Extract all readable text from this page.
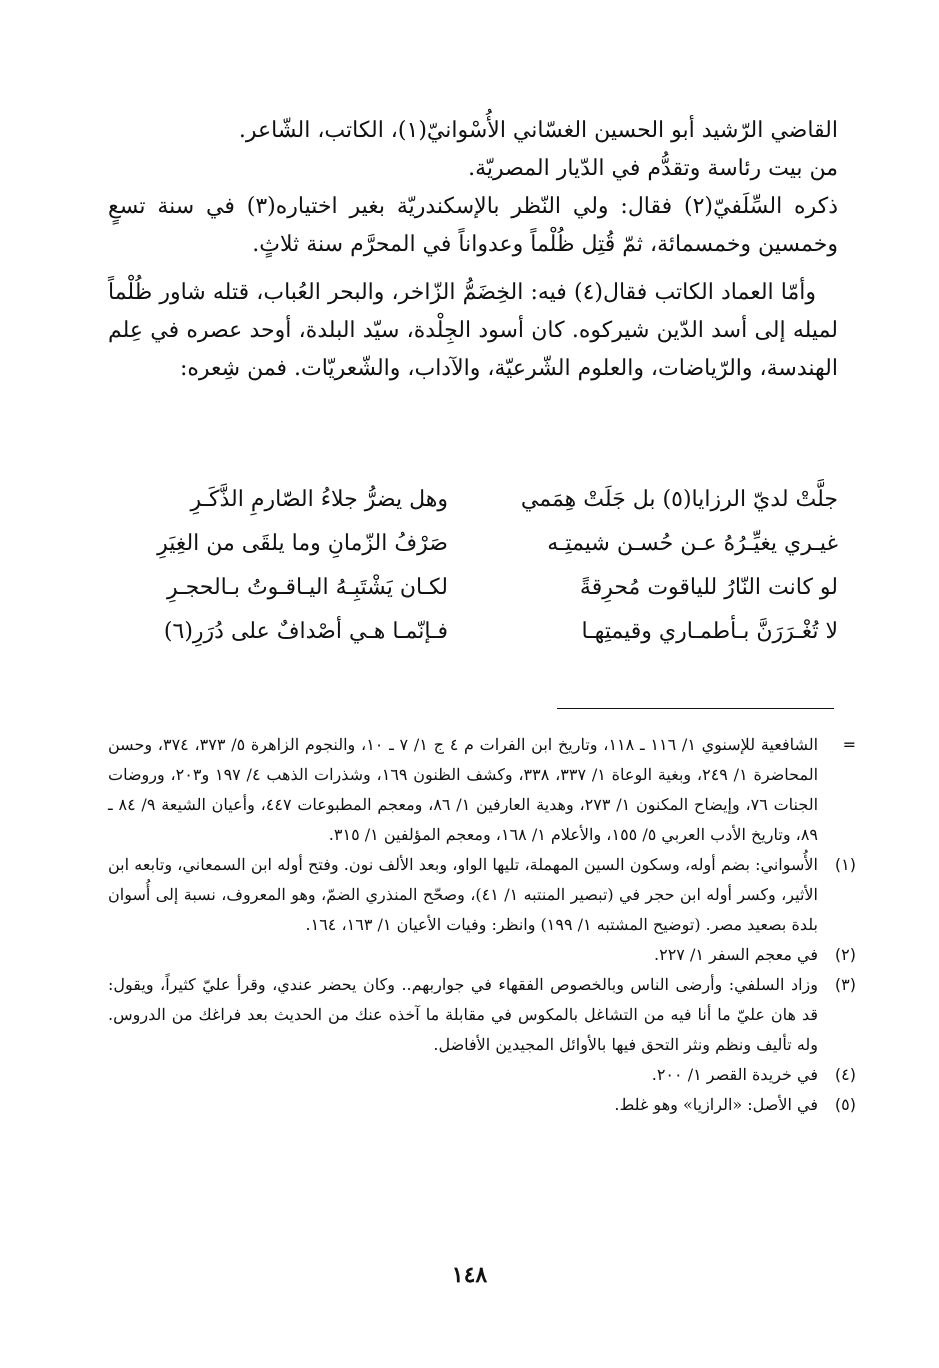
القاضي الرّشيد أبو الحسين الغسّاني الأُسْوانيّ(١)، الكاتب، الشّاعر.

من بيت رئاسة وتقدُّم في الدّيار المصريّة.

ذكره السِّلَفيّ(٢) فقال: ولي النّظر بالإسكندريّة بغير اختياره(٣) في سنة تسعٍ وخمسين وخمسمائة، ثمّ قُتِل ظُلْماً وعدواناً في المحرَّم سنة ثلاثٍ.

وأمّا العماد الكاتب فقال(٤) فيه: الخِضَمُّ الزّاخر، والبحر العُباب، قتله شاور ظُلْماً لميله إلى أسد الدّين شيركوه. كان أسود الجِلْدة، سيّد البلدة، أوحد عصره في عِلم الهندسة، والرّياضات، والعلوم الشّرعيّة، والآداب، والشّعريّات. فمن شِعره:

جلَّتْ لديّ الرزايا(٥) بل جَلَتْ هِمَمي
وهل يضرُّ جلاءُ الصّارمِ الذَّكَـرِ
غيـري يغيِّـرُهُ عـن حُسـن شيمتِـه
صَرْفُ الزّمانِ وما يلقَى من الغِيَرِ
لو كانت النّارُ للياقوت مُحرِقةً
لكـان يَشْتَبِـهُ اليـاقـوتُ بـالحجـرِ
لا تُغْـرَرَنَّ بـأطمـاري وقيمتِهـا
فـإنّمـا هـي أصْدافٌ على دُرَرِ(٦)
=
الشافعية للإسنوي ١/ ١١٦ ـ ١١٨، وتاريخ ابن الفرات م ٤ ج ١/ ٧ ـ ١٠، والنجوم الزاهرة ٥/ ٣٧٣، ٣٧٤، وحسن المحاضرة ١/ ٢٤٩، وبغية الوعاة ١/ ٣٣٧، ٣٣٨، وكشف الظنون ١٦٩، وشذرات الذهب ٤/ ١٩٧ و٢٠٣، وروضات الجنات ٧٦، وإيضاح المكنون ١/ ٢٧٣، وهدية العارفين ١/ ٨٦، ومعجم المطبوعات ٤٤٧، وأعيان الشيعة ٩/ ٨٤ ـ ٨٩، وتاريخ الأدب العربي ٥/ ١٥٥، والأعلام ١/ ١٦٨، ومعجم المؤلفين ١/ ٣١٥.
(١)
الأُسواني: بضم أوله، وسكون السين المهملة، تليها الواو، وبعد الألف نون. وفتح أوله ابن السمعاني، وتابعه ابن الأثير، وكسر أوله ابن حجر في (تبصير المنتبه ١/ ٤١)، وصحّح المنذري الضمّ، وهو المعروف، نسبة إلى أُسوان بلدة بصعيد مصر. (توضيح المشتبه ١/ ١٩٩) وانظر: وفيات الأعيان ١/ ١٦٣، ١٦٤.
(٢)
في معجم السفر ١/ ٢٢٧.
(٣)
وزاد السلفي: وأرضى الناس وبالخصوص الفقهاء في جواربهم.. وكان يحضر عندي، وقرأ عليّ كثيراً، ويقول: قد هان عليّ ما أنا فيه من التشاغل بالمكوس في مقابلة ما آخذه عنك من الحديث بعد فراغك من الدروس. وله تأليف ونظم ونثر التحق فيها بالأوائل المجيدين الأفاضل.
(٤)
في خريدة القصر ١/ ٢٠٠.
(٥)
في الأصل: «الرازيا» وهو غلط.
١٤٨
